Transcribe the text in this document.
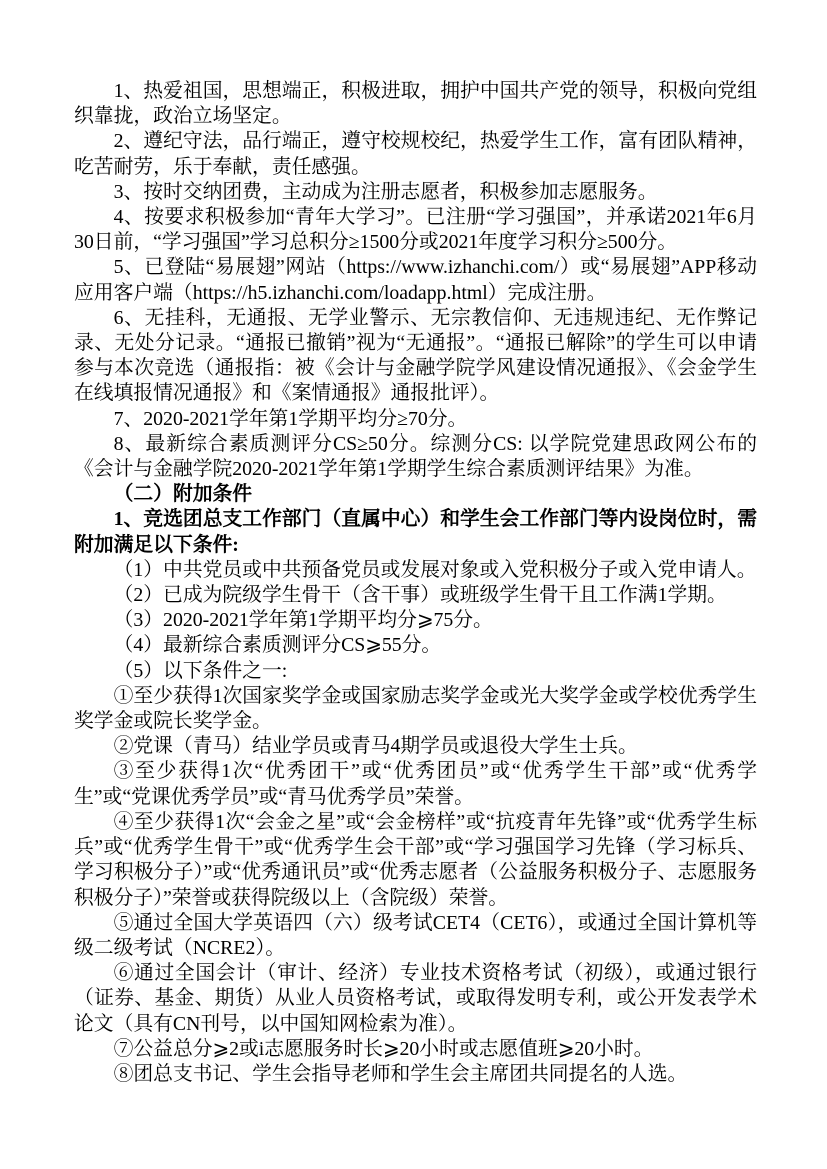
1、热爱祖国，思想端正，积极进取，拥护中国共产党的领导，积极向党组织靠拢，政治立场坚定。

2、遵纪守法，品行端正，遵守校规校纪，热爱学生工作，富有团队精神，吃苦耐劳，乐于奉献，责任感强。

3、按时交纳团费，主动成为注册志愿者，积极参加志愿服务。

4、按要求积极参加“青年大学习”。已注册“学习强国”，并承诺2021年6月30日前，“学习强国”学习总积分≥1500分或2021年度学习积分≥500分。

5、已登陆“易展翅”网站（https://www.izhanchi.com/）或“易展翅”APP移动应用客户端（https://h5.izhanchi.com/loadapp.html）完成注册。

6、无挂科，无通报、无学业警示、无宗教信仰、无违规违纪、无作弊记录、无处分记录。“通报已撤销”视为“无通报”。“通报已解除”的学生可以申请参与本次竞选（通报指：被《会计与金融学院学风建设情况通报》、《会金学生在线填报情况通报》和《案情通报》通报批评）。

7、2020-2021学年第1学期平均分≥70分。

8、最新综合素质测评分CS≥50分。综测分CS: 以学院党建思政网公布的《会计与金融学院2020-2021学年第1学期学生综合素质测评结果》为准。

（二）附加条件

1、竞选团总支工作部门（直属中心）和学生会工作部门等内设岗位时，需附加满足以下条件:

（1）中共党员或中共预备党员或发展对象或入党积极分子或入党申请人。

（2）已成为院级学生骨干（含干事）或班级学生骨干且工作满1学期。

（3）2020-2021学年第1学期平均分⩾75分。

（4）最新综合素质测评分CS⩾55分。

（5）以下条件之一:

①至少获得1次国家奖学金或国家励志奖学金或光大奖学金或学校优秀学生奖学金或院长奖学金。

②党课（青马）结业学员或青马4期学员或退役大学生士兵。

③至少获得1次“优秀团干”或“优秀团员”或“优秀学生干部”或“优秀学生”或“党课优秀学员”或“青马优秀学员”荣誉。

④至少获得1次“会金之星”或“会金榜样”或“抗疫青年先锋”或“优秀学生标兵”或“优秀学生骨干”或“优秀学生会干部”或“学习强国学习先锋（学习标兵、学习积极分子）”或“优秀通讯员”或“优秀志愿者（公益服务积极分子、志愿服务积极分子）”荣誉或获得院级以上（含院级）荣誉。

⑤通过全国大学英语四（六）级考试CET4（CET6），或通过全国计算机等级二级考试（NCRE2）。

⑥通过全国会计（审计、经济）专业技术资格考试（初级），或通过银行（证券、基金、期货）从业人员资格考试，或取得发明专利，或公开发表学术论文（具有CN刊号，以中国知网检索为准）。

⑦公益总分⩾2或i志愿服务时长⩾20小时或志愿值班⩾20小时。

⑧团总支书记、学生会指导老师和学生会主席团共同提名的人选。
